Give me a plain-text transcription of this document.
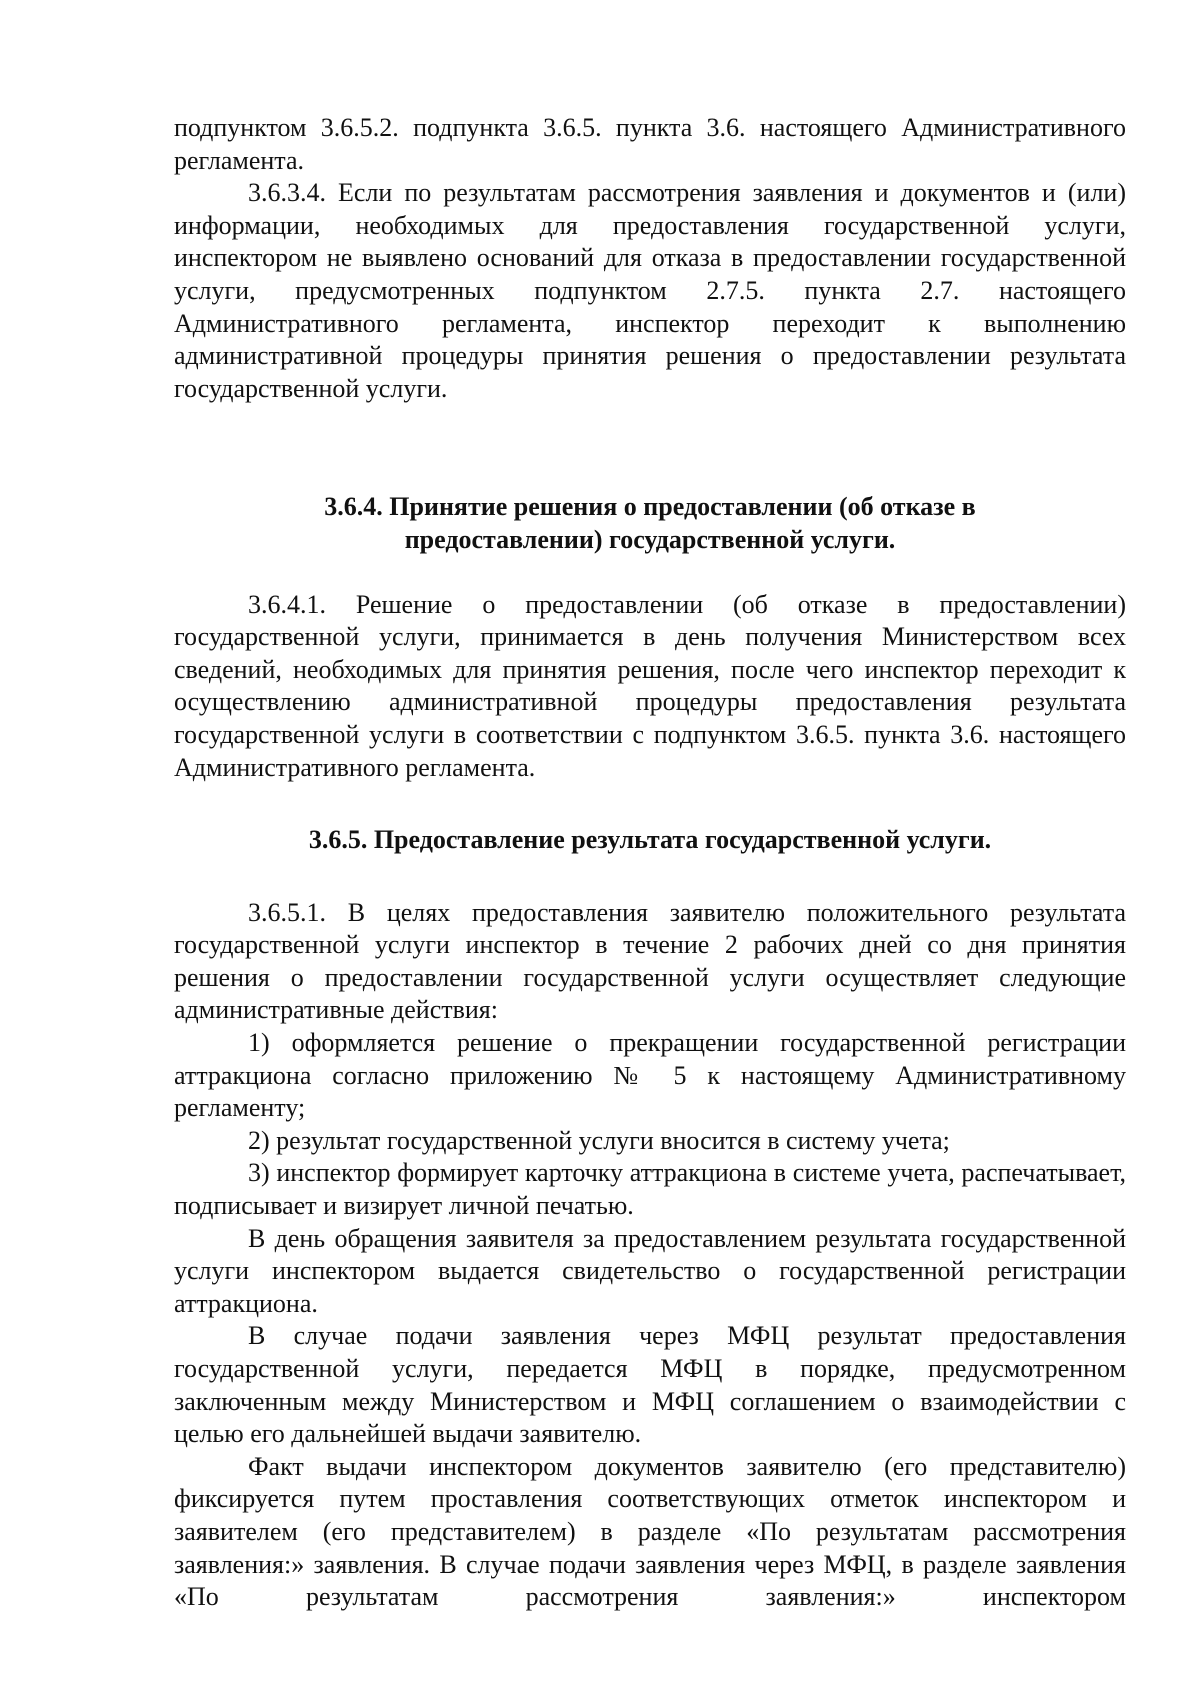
подпунктом 3.6.5.2. подпункта 3.6.5. пункта 3.6. настоящего Административного регламента.

3.6.3.4. Если по результатам рассмотрения заявления и документов и (или) информации, необходимых для предоставления государственной услуги, инспектором не выявлено оснований для отказа в предоставлении государственной услуги, предусмотренных подпунктом 2.7.5. пункта 2.7. настоящего Административного регламента, инспектор переходит к выполнению административной процедуры принятия решения о предоставлении результата государственной услуги.

3.6.4. Принятие решения о предоставлении (об отказе в

предоставлении) государственной услуги.

3.6.4.1. Решение о предоставлении (об отказе в предоставлении) государственной услуги, принимается в день получения Министерством всех сведений, необходимых для принятия решения, после чего инспектор переходит к осуществлению административной процедуры предоставления результата государственной услуги в соответствии с подпунктом 3.6.5. пункта 3.6. настоящего Административного регламента.

3.6.5. Предоставление результата государственной услуги.

3.6.5.1. В целях предоставления заявителю положительного результата государственной услуги инспектор в течение 2 рабочих дней со дня принятия решения о предоставлении государственной услуги осуществляет следующие административные действия:

1) оформляется решение о прекращении государственной регистрации аттракциона согласно приложению № 5 к настоящему Административному регламенту;

2) результат государственной услуги вносится в систему учета;

3) инспектор формирует карточку аттракциона в системе учета, распечатывает, подписывает и визирует личной печатью.

В день обращения заявителя за предоставлением результата государственной услуги инспектором выдается свидетельство о государственной регистрации аттракциона.

В случае подачи заявления через МФЦ результат предоставления государственной услуги, передается МФЦ в порядке, предусмотренном заключенным между Министерством и МФЦ соглашением о взаимодействии с целью его дальнейшей выдачи заявителю.

Факт выдачи инспектором документов заявителю (его представителю) фиксируется путем проставления соответствующих отметок инспектором и заявителем (его представителем) в разделе «По результатам рассмотрения заявления:» заявления. В случае подачи заявления через МФЦ, в разделе заявления «По результатам рассмотрения заявления:» инспектором
